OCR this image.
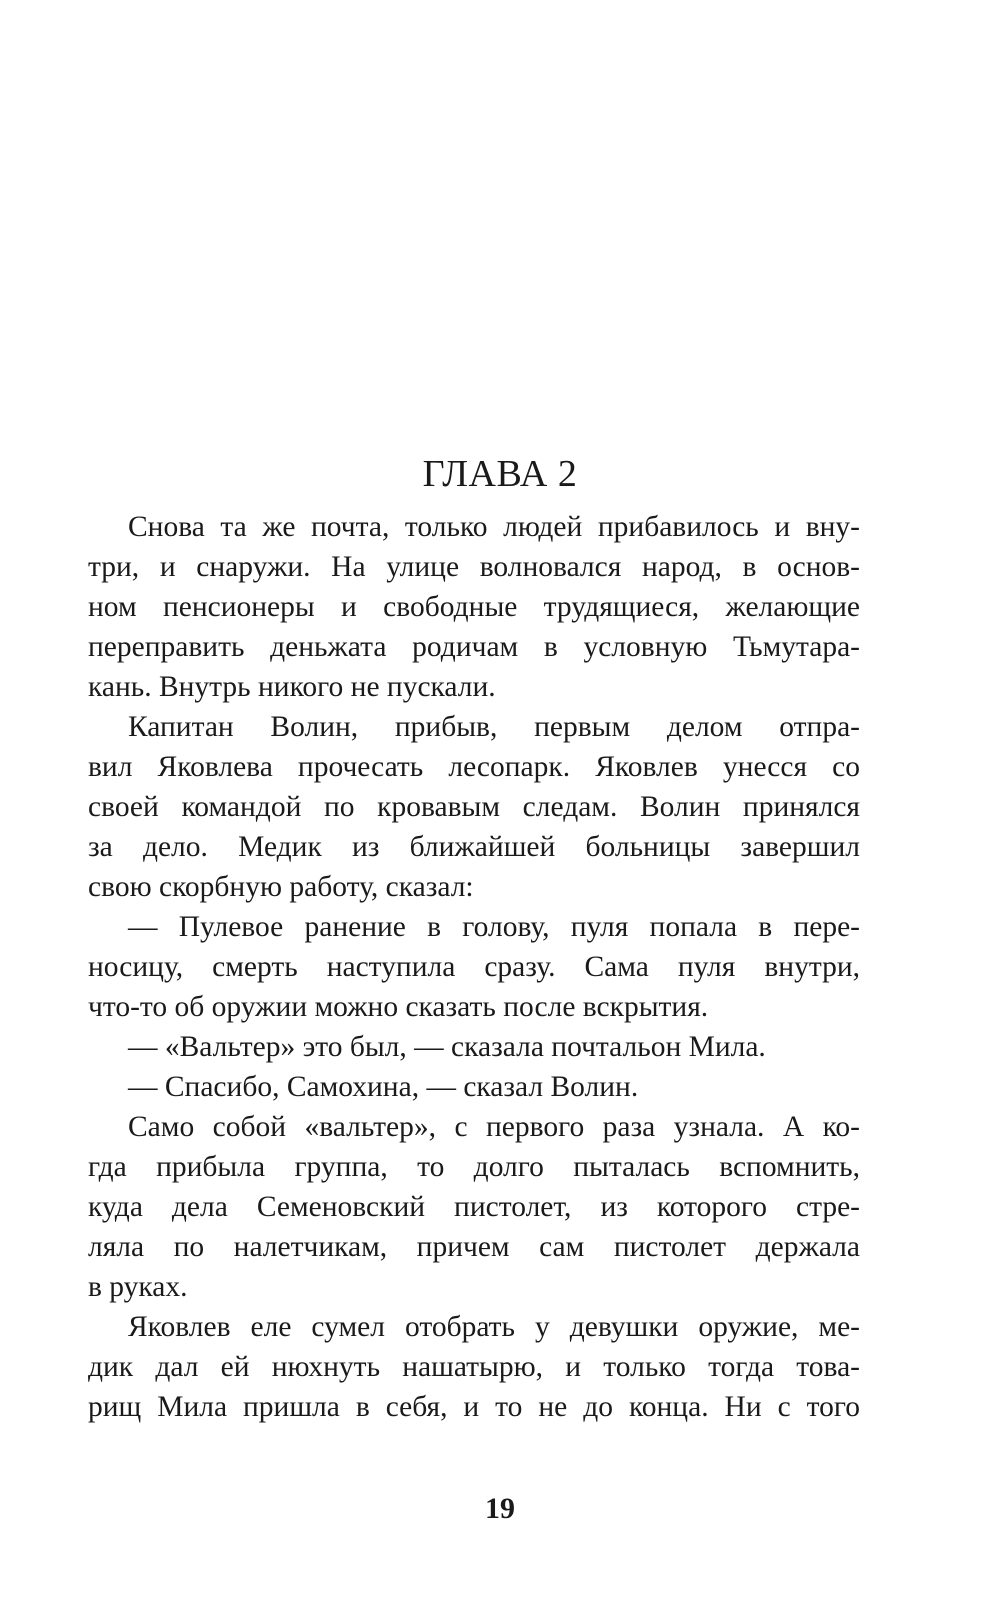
ГЛАВА 2
Снова та же почта, только людей прибавилось и вну-
три, и снаружи. На улице волновался народ, в основ-
ном пенсионеры и свободные трудящиеся, желающие
переправить деньжата родичам в условную Тьмутара-
кань. Внутрь никого не пускали.
Капитан Волин, прибыв, первым делом отпра-
вил Яковлева прочесать лесопарк. Яковлев унесся со
своей командой по кровавым следам. Волин принялся
за дело. Медик из ближайшей больницы завершил
свою скорбную работу, сказал:
— Пулевое ранение в голову, пуля попала в пере-
носицу, смерть наступила сразу. Сама пуля внутри,
что-то об оружии можно сказать после вскрытия.
— «Вальтер» это был, — сказала почтальон Мила.
— Спасибо, Самохина, — сказал Волин.
Само собой «вальтер», с первого раза узнала. А ко-
гда прибыла группа, то долго пыталась вспомнить,
куда дела Семеновский пистолет, из которого стре-
ляла по налетчикам, причем сам пистолет держала
в руках.
Яковлев еле сумел отобрать у девушки оружие, ме-
дик дал ей нюхнуть нашатырю, и только тогда това-
рищ Мила пришла в себя, и то не до конца. Ни с того
19
